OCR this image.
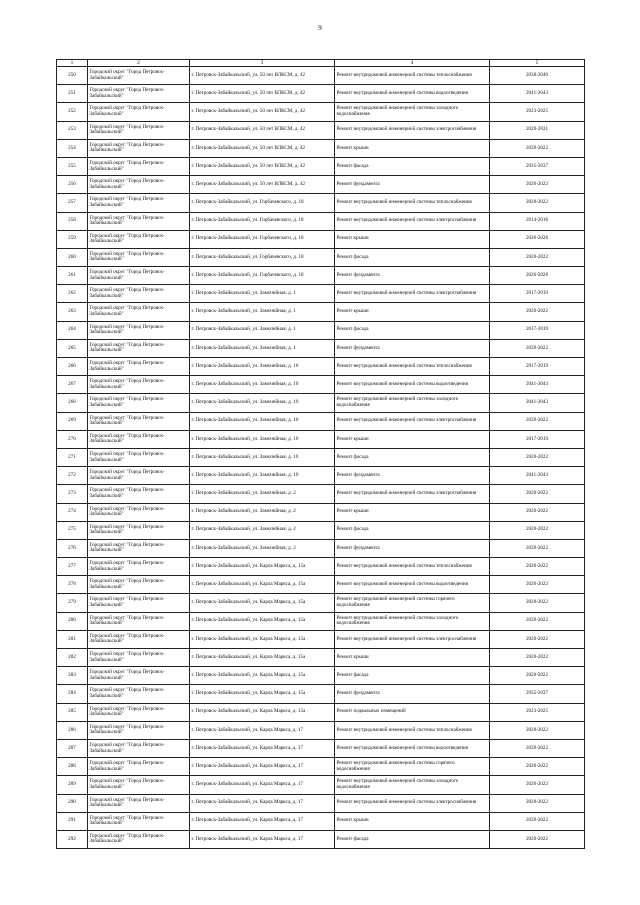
9
1	2	3	4	5
250	Городской округ "Город Петровск-Забайкальский"	г. Петровск-Забайкальский, ул. 50 лет ВЛКСМ, д. 42	Ремонт внутридомовой инженерной системы теплоснабжения	2038-2040
251	Городской округ "Город Петровск-Забайкальский"	г. Петровск-Забайкальский, ул. 50 лет ВЛКСМ, д. 42	Ремонт внутридомовой инженерной системы водоотведения	2041-2043
252	Городской округ "Город Петровск-Забайкальский"	г. Петровск-Забайкальский, ул. 50 лет ВЛКСМ, д. 42	Ремонт внутридомовой инженерной системы холодного водоснабжения	2023-2025
253	Городской округ "Город Петровск-Забайкальский"	г. Петровск-Забайкальский, ул. 50 лет ВЛКСМ, д. 42	Ремонт внутридомовой инженерной системы электроснабжения	2029-2031
254	Городской округ "Город Петровск-Забайкальский"	г. Петровск-Забайкальский, ул. 50 лет ВЛКСМ, д. 42	Ремонт крыши	2020-2022
255	Городской округ "Город Петровск-Забайкальский"	г. Петровск-Забайкальский, ул. 50 лет ВЛКСМ, д. 42	Ремонт фасада	2035-2037
256	Городской округ "Город Петровск-Забайкальский"	г. Петровск-Забайкальский, ул. 50 лет ВЛКСМ, д. 42	Ремонт фундамента	2020-2022
257	Городской округ "Город Петровск-Забайкальский"	г. Петровск-Забайкальский, ул. Горбачевского, д. 18	Ремонт внутридомовой инженерной системы теплоснабжения	2020-2022
258	Городской округ "Город Петровск-Забайкальский"	г. Петровск-Забайкальский, ул. Горбачевского, д. 18	Ремонт внутридомовой инженерной системы электроснабжения	2014-2016
259	Городской округ "Город Петровск-Забайкальский"	г. Петровск-Забайкальский, ул. Горбачевского, д. 18	Ремонт крыши	2026-2028
260	Городской округ "Город Петровск-Забайкальский"	г. Петровск-Забайкальский, ул. Горбачевского, д. 18	Ремонт фасада	2020-2022
261	Городской округ "Город Петровск-Забайкальский"	г. Петровск-Забайкальский, ул. Горбачевского, д. 18	Ремонт фундамента	2026-2028
262	Городской округ "Город Петровск-Забайкальский"	г. Петровск-Забайкальский, ул. Замочнйная, д. 1	Ремонт внутридомовой инженерной системы электроснабжения	2017-2019
263	Городской округ "Город Петровск-Забайкальский"	г. Петровск-Забайкальский, ул. Замочнйная, д. 1	Ремонт крыши	2020-2022
264	Городской округ "Город Петровск-Забайкальский"	г. Петровск-Забайкальский, ул. Замочнйная, д. 1	Ремонт фасада	2017-2019
265	Городской округ "Город Петровск-Забайкальский"	г. Петровск-Забайкальский, ул. Замочнйная, д. 1	Ремонт фундамента	2020-2022
266	Городской округ "Город Петровск-Забайкальский"	г. Петровск-Забайкальский, ул. Замочнйная, д. 10	Ремонт внутридомовой инженерной системы теплоснабжения	2017-2019
267	Городской округ "Город Петровск-Забайкальский"	г. Петровск-Забайкальский, ул. Замочнйная, д. 10	Ремонт внутридомовой инженерной системы водоотведения	2041-2043
268	Городской округ "Город Петровск-Забайкальский"	г. Петровск-Забайкальский, ул. Замочнйная, д. 10	Ремонт внутридомовой инженерной системы холодного водоснабжения	2041-2043
269	Городской округ "Город Петровск-Забайкальский"	г. Петровск-Забайкальский, ул. Замочнйная, д. 10	Ремонт внутридомовой инженерной системы электроснабжения	2020-2022
270	Городской округ "Город Петровск-Забайкальский"	г. Петровск-Забайкальский, ул. Замочнйная, д. 10	Ремонт крыши	2017-2019
271	Городской округ "Город Петровск-Забайкальский"	г. Петровск-Забайкальский, ул. Замочнйная, д. 10	Ремонт фасада	2020-2022
272	Городской округ "Город Петровск-Забайкальский"	г. Петровск-Забайкальский, ул. Замочнйная, д. 10	Ремонт фундамента	2041-2043
273	Городской округ "Город Петровск-Забайкальский"	г. Петровск-Забайкальский, ул. Замочнйная, д. 2	Ремонт внутридомовой инженерной системы электроснабжения	2020-2022
274	Городской округ "Город Петровск-Забайкальский"	г. Петровск-Забайкальский, ул. Замочнйная, д. 2	Ремонт крыши	2020-2022
275	Городской округ "Город Петровск-Забайкальский"	г. Петровск-Забайкальский, ул. Замочнйная, д. 2	Ремонт фасада	2020-2022
276	Городской округ "Город Петровск-Забайкальский"	г. Петровск-Забайкальский, ул. Замочнйная, д. 2	Ремонт фундамента	2020-2022
277	Городской округ "Город Петровск-Забайкальский"	г. Петровск-Забайкальский, ул. Карла Маркса, д. 15а	Ремонт внутридомовой инженерной системы теплоснабжения	2020-2022
278	Городской округ "Город Петровск-Забайкальский"	г. Петровск-Забайкальский, ул. Карла Маркса, д. 15а	Ремонт внутридомовой инженерной системы водоотведения	2020-2022
279	Городской округ "Город Петровск-Забайкальский"	г. Петровск-Забайкальский, ул. Карла Маркса, д. 15а	Ремонт внутридомовой инженерной системы горячего водоснабжения	2020-2022
280	Городской округ "Город Петровск-Забайкальский"	г. Петровск-Забайкальский, ул. Карла Маркса, д. 15а	Ремонт внутридомовой инженерной системы холодного водоснабжения	2020-2022
281	Городской округ "Город Петровск-Забайкальский"	г. Петровск-Забайкальский, ул. Карла Маркса, д. 15а	Ремонт внутридомовой инженерной системы электроснабжения	2020-2022
282	Городской округ "Город Петровск-Забайкальский"	г. Петровск-Забайкальский, ул. Карла Маркса, д. 15а	Ремонт крыши	2020-2022
283	Городской округ "Город Петровск-Забайкальский"	г. Петровск-Забайкальский, ул. Карла Маркса, д. 15а	Ремонт фасада	2020-2022
284	Городской округ "Город Петровск-Забайкальский"	г. Петровск-Забайкальский, ул. Карла Маркса, д. 15а	Ремонт фундамента	2035-2037
285	Городской округ "Город Петровск-Забайкальский"	г. Петровск-Забайкальский, ул. Карла Маркса, д. 15а	Ремонт подвальных помещений	2023-2025
286	Городской округ "Город Петровск-Забайкальский"	г. Петровск-Забайкальский, ул. Карла Маркса, д. 17	Ремонт внутридомовой инженерной системы теплоснабжения	2020-2022
287	Городской округ "Город Петровск-Забайкальский"	г. Петровск-Забайкальский, ул. Карла Маркса, д. 17	Ремонт внутридомовой инженерной системы водоотведения	2020-2022
288	Городской округ "Город Петровск-Забайкальский"	г. Петровск-Забайкальский, ул. Карла Маркса, д. 17	Ремонт внутридомовой инженерной системы горячего водоснабжения	2020-2022
289	Городской округ "Город Петровск-Забайкальский"	г. Петровск-Забайкальский, ул. Карла Маркса, д. 17	Ремонт внутридомовой инженерной системы холодного водоснабжения	2020-2022
290	Городской округ "Город Петровск-Забайкальский"	г. Петровск-Забайкальский, ул. Карла Маркса, д. 17	Ремонт внутридомовой инженерной системы электроснабжения	2020-2022
291	Городской округ "Город Петровск-Забайкальский"	г. Петровск-Забайкальский, ул. Карла Маркса, д. 17	Ремонт крыши	2020-2022
292	Городской округ "Город Петровск-Забайкальский"	г. Петровск-Забайкальский, ул. Карла Маркса, д. 17	Ремонт фасада	2020-2022
